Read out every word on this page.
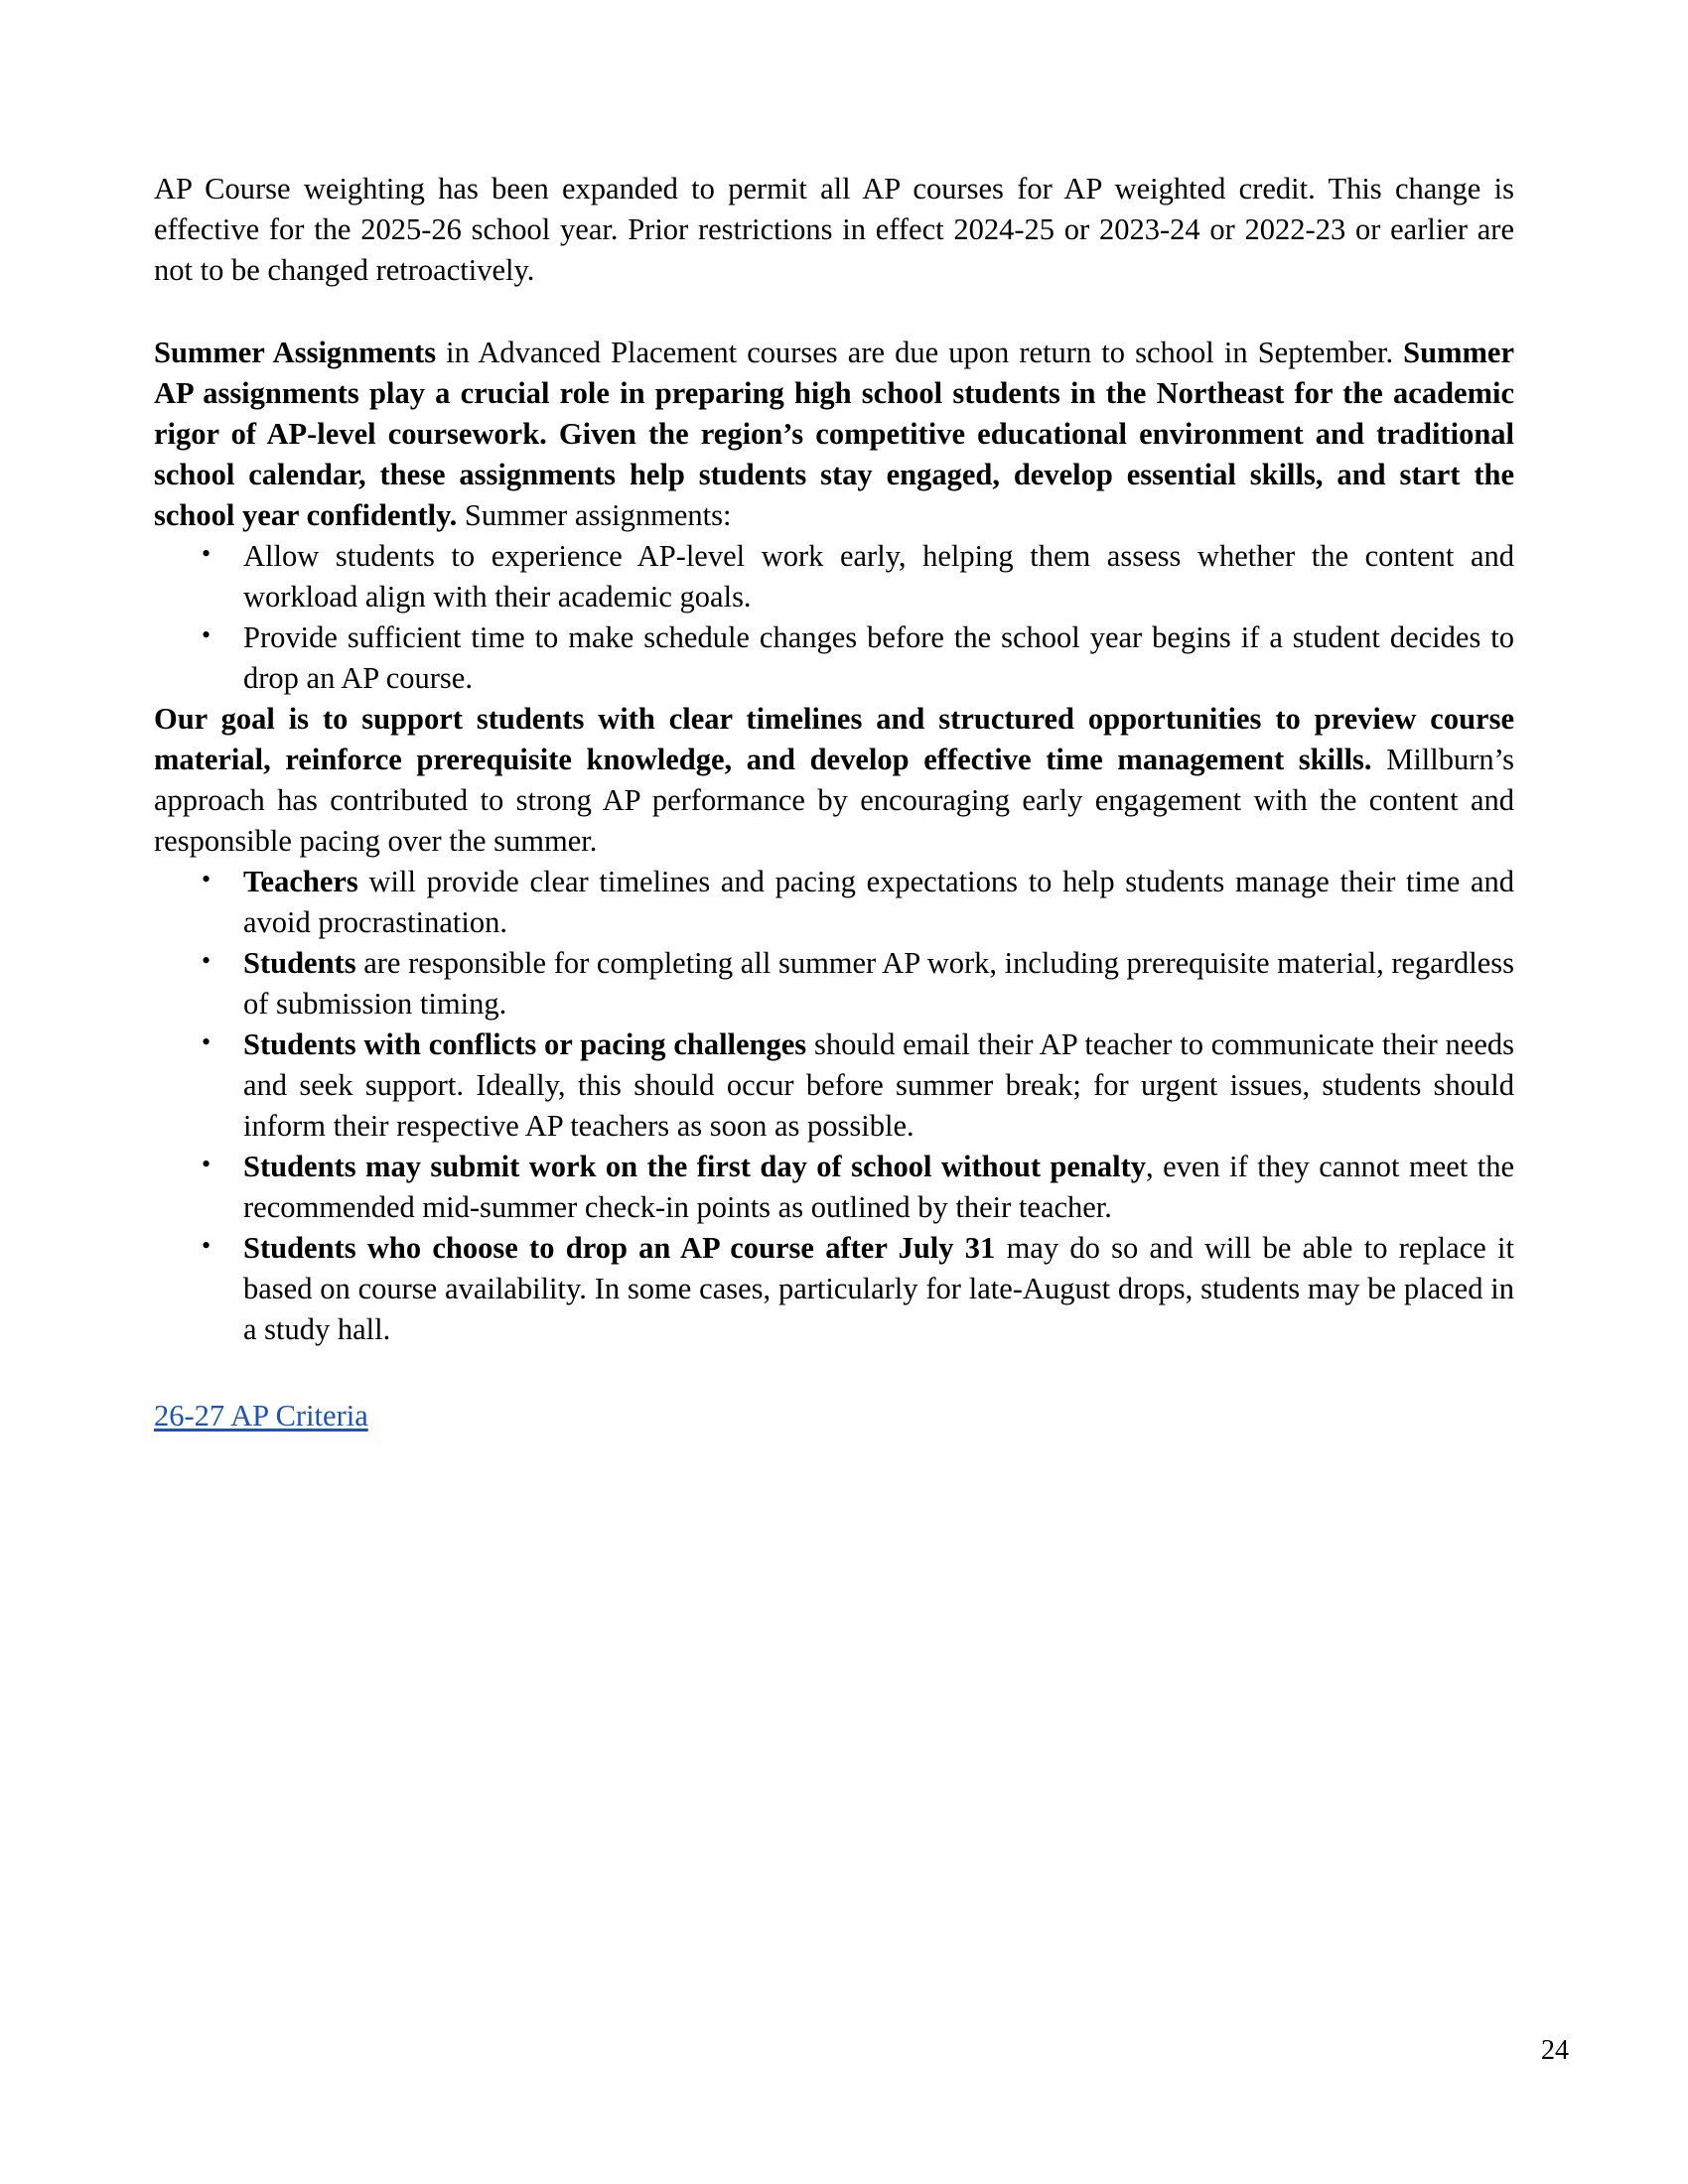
AP Course weighting has been expanded to permit all AP courses for AP weighted credit. This change is effective for the 2025-26 school year. Prior restrictions in effect 2024-25 or 2023-24 or 2022-23 or earlier are not to be changed retroactively.

Summer Assignments in Advanced Placement courses are due upon return to school in September. Summer AP assignments play a crucial role in preparing high school students in the Northeast for the academic rigor of AP-level coursework. Given the region’s competitive educational environment and traditional school calendar, these assignments help students stay engaged, develop essential skills, and start the school year confidently. Summer assignments:

• Allow students to experience AP-level work early, helping them assess whether the content and workload align with their academic goals.
• Provide sufficient time to make schedule changes before the school year begins if a student decides to drop an AP course.

Our goal is to support students with clear timelines and structured opportunities to preview course material, reinforce prerequisite knowledge, and develop effective time management skills. Millburn’s approach has contributed to strong AP performance by encouraging early engagement with the content and responsible pacing over the summer.

• Teachers will provide clear timelines and pacing expectations to help students manage their time and avoid procrastination.
• Students are responsible for completing all summer AP work, including prerequisite material, regardless of submission timing.
• Students with conflicts or pacing challenges should email their AP teacher to communicate their needs and seek support. Ideally, this should occur before summer break; for urgent issues, students should inform their respective AP teachers as soon as possible.
• Students may submit work on the first day of school without penalty, even if they cannot meet the recommended mid-summer check-in points as outlined by their teacher.
• Students who choose to drop an AP course after July 31 may do so and will be able to replace it based on course availability. In some cases, particularly for late-August drops, students may be placed in a study hall.
26-27 AP Criteria
24
